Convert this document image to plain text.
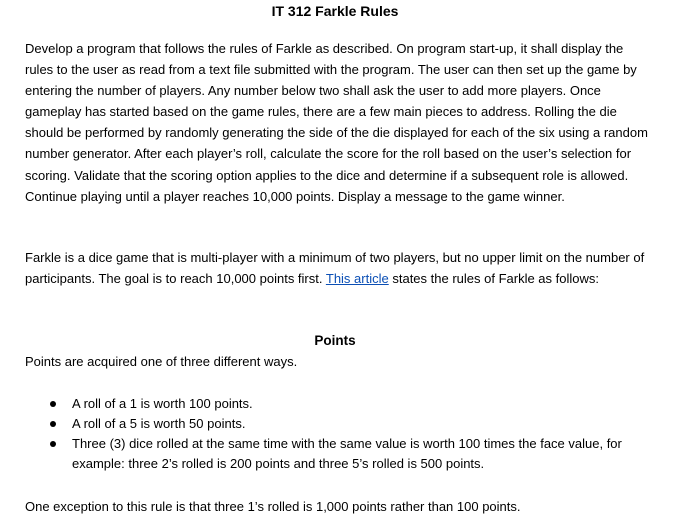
IT 312 Farkle Rules

Develop a program that follows the rules of Farkle as described. On program start-up, it shall display the rules to the user as read from a text file submitted with the program. The user can then set up the game by entering the number of players. Any number below two shall ask the user to add more players. Once gameplay has started based on the game rules, there are a few main pieces to address. Rolling the die should be performed by randomly generating the side of the die displayed for each of the six using a random number generator. After each player’s roll, calculate the score for the roll based on the user’s selection for scoring. Validate that the scoring option applies to the dice and determine if a subsequent role is allowed. Continue playing until a player reaches 10,000 points. Display a message to the game winner.

Farkle is a dice game that is multi-player with a minimum of two players, but no upper limit on the number of participants. The goal is to reach 10,000 points first. This article states the rules of Farkle as follows:

Points

Points are acquired one of three different ways.

A roll of a 1 is worth 100 points.
A roll of a 5 is worth 50 points.
Three (3) dice rolled at the same time with the same value is worth 100 times the face value, for example: three 2’s rolled is 200 points and three 5’s rolled is 500 points.

One exception to this rule is that three 1’s rolled is 1,000 points rather than 100 points.
